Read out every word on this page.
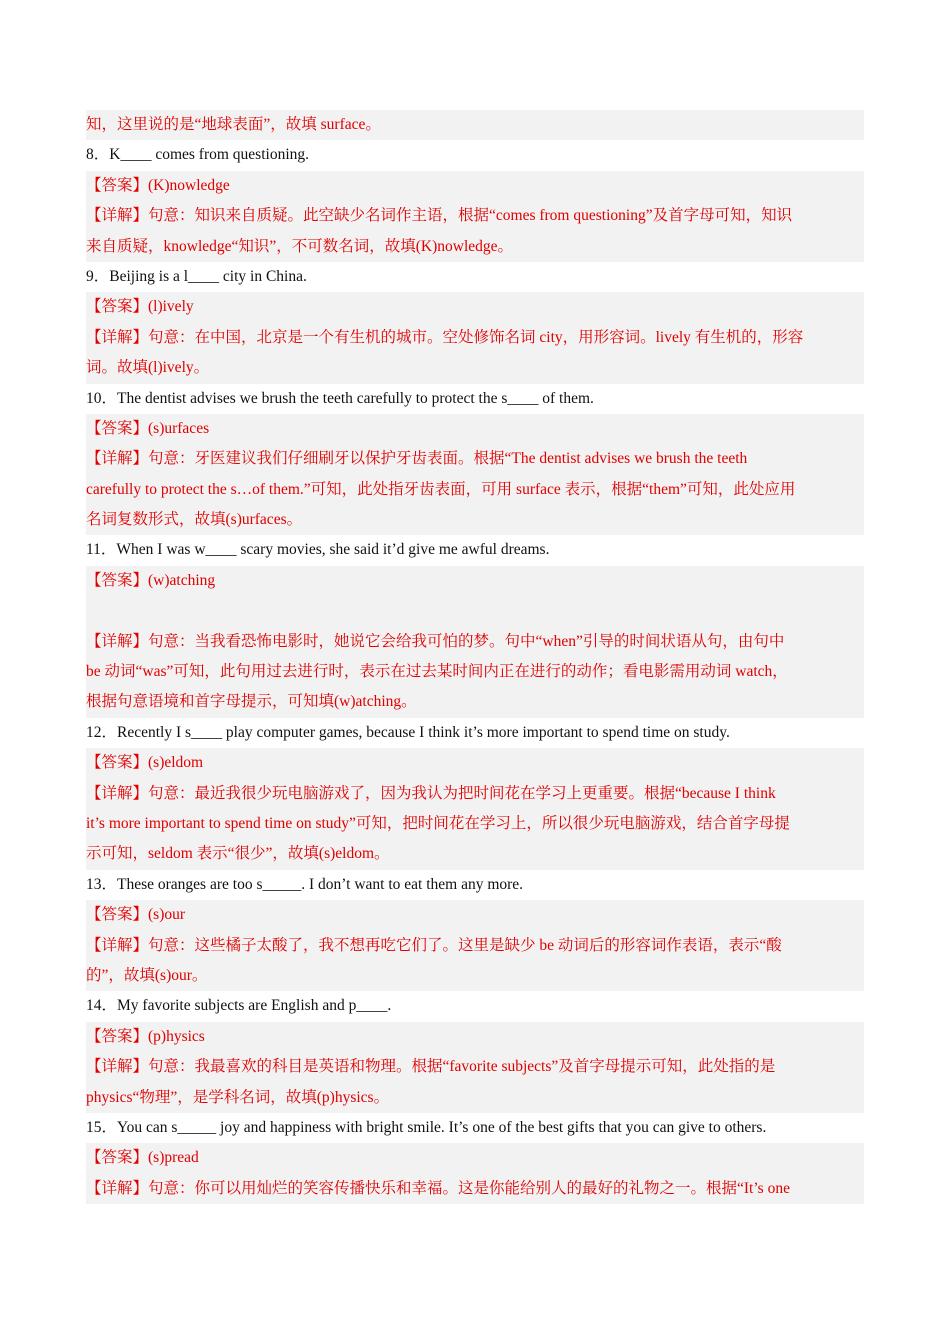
知，这里说的是“地球表面”，故填 surface。
8．K____ comes from questioning.
【答案】(K)nowledge
【详解】句意：知识来自质疑。此空缺少名词作主语，根据“comes from questioning”及首字母可知，知识
来自质疑，knowledge“知识”，不可数名词，故填(K)nowledge。
9．Beijing is a l____ city in China.
【答案】(l)ively
【详解】句意：在中国，北京是一个有生机的城市。空处修饰名词 city，用形容词。lively 有生机的，形容
词。故填(l)ively。
10．The dentist advises we brush the teeth carefully to protect the s____ of them.
【答案】(s)urfaces
【详解】句意：牙医建议我们仔细刷牙以保护牙齿表面。根据“The dentist advises we brush the teeth
carefully to protect the s…of them.”可知，此处指牙齿表面，可用 surface 表示，根据“them”可知，此处应用
名词复数形式，故填(s)urfaces。
11．When I was w____ scary movies, she said it’d give me awful dreams.
【答案】(w)atching
【详解】句意：当我看恐怖电影时，她说它会给我可怕的梦。句中“when”引导的时间状语从句，由句中
be 动词“was”可知，此句用过去进行时，表示在过去某时间内正在进行的动作；看电影需用动词 watch，
根据句意语境和首字母提示，可知填(w)atching。
12．Recently I s____ play computer games, because I think it’s more important to spend time on study.
【答案】(s)eldom
【详解】句意：最近我很少玩电脑游戏了，因为我认为把时间花在学习上更重要。根据“because I think
it’s more important to spend time on study”可知，把时间花在学习上，所以很少玩电脑游戏，结合首字母提
示可知，seldom 表示“很少”，故填(s)eldom。
13．These oranges are too s_____. I don’t want to eat them any more.
【答案】(s)our
【详解】句意：这些橘子太酸了，我不想再吃它们了。这里是缺少 be 动词后的形容词作表语，表示“酸
的”，故填(s)our。
14．My favorite subjects are English and p____.
【答案】(p)hysics
【详解】句意：我最喜欢的科目是英语和物理。根据“favorite subjects”及首字母提示可知，此处指的是
physics“物理”，是学科名词，故填(p)hysics。
15．You can s_____ joy and happiness with bright smile. It’s one of the best gifts that you can give to others.
【答案】(s)pread
【详解】句意：你可以用灿烂的笑容传播快乐和幸福。这是你能给别人的最好的礼物之一。根据“It’s one
